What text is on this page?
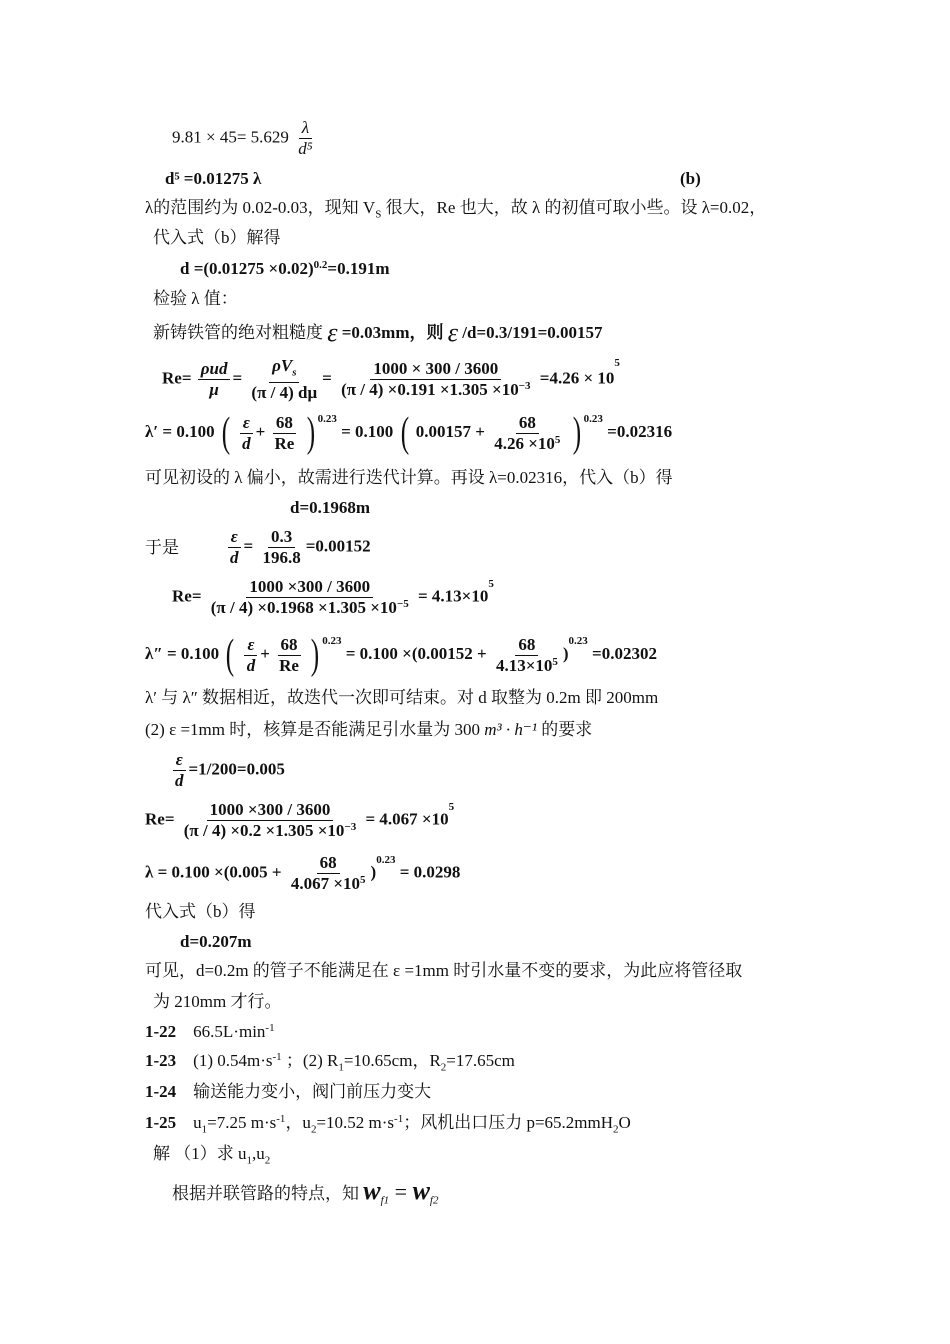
$9.81 \times 45= 5.629 \frac{\lambda}{\text{d⁵}}$
d⁵ =0.01275 λ	(b)
λ的范围约为 0.02-0.03，现知 $V_S$ 很大，Re 也大，故 λ 的初值可取小些。设 λ=0.02，
代入式（b）解得
$d =(0.01275 \times 0.02)^{0.2}=0.191m$
检验 λ 值：
新铸铁管的绝对粗糙度 ε =0.03mm，则 ε /d=0.3/191=0.00157
$Re= \frac{\text{ρud}}{\mu} = \frac{\rho V_s}{(\pi / 4) d\mu} = \frac{1000 \times 300 / 3600}{(\pi / 4) \times 0.191 \times 1.305 \times 10^{-3}} =4.26 \times 10^5$
λ′ = 0.100 ( $\frac{\varepsilon}{d} + \frac{68}{Re}$ ) $^{0.23}$ = 0.100 ( $0.00157 + \frac{68}{4.26 \times 10^5}$ ) $^{0.23}$ =0.02316
可见初设的 λ 偏小，故需进行迭代计算。再设 λ=0.02316，代入（b）得
d=0.1968m
于是	$\frac{\varepsilon}{d} = \frac{0.3}{196.8} =0.00152$
$Re= \frac{1000 \times 300 / 3600}{(\pi / 4) \times 0.1968 \times 1.305 \times 10^{-5}} = 4.13\times 10^5$
λ″ = 0.100 ( $\frac{\varepsilon}{d} + \frac{68}{Re}$ ) $^{0.23} = 0.100 \times(0.00152 + \frac{68}{4.13\times 10^5} )^{0.23} =0.02302$
λ′ 与 λ″ 数据相近，故迭代一次即可结束。对 d 取整为 0.2m 即 200mm
(2) ε =1mm 时，核算是否能满足引水量为 300 m³ · h⁻¹ 的要求
$\frac{\varepsilon}{d} =1/200=0.005$
$Re= \frac{1000 \times 300 / 3600}{(\pi / 4) \times 0.2 \times 1.305 \times 10^{-3}} = 4.067 \times 10^5$
$\lambda = 0.100 \times(0.005 + \frac{68}{4.067 \times 10^5} )^{0.23} = 0.0298$
代入式（b）得
d=0.207m
可见，d=0.2m 的管子不能满足在 ε =1mm 时引水量不变的要求，为此应将管径取
为 210mm 才行。
1-22 $66.5L\cdot\min^{-1}$
1-23 (1) $0.54m\cdot s^{-1}$ ；(2) $R_1=10.65cm$，$R_2=17.65cm$
1-24 输送能力变小，阀门前压力变大
1-25 $u_1=7.25$ $m\cdot s^{-1}$，$u_2=10.52$ $m\cdot s^{-1}$；风机出口压力 p=65.2mmH$_2$O
解 （1）求 $u_1,u_2$
根据并联管路的特点，知 $w_{f1} = w_{f2}$
